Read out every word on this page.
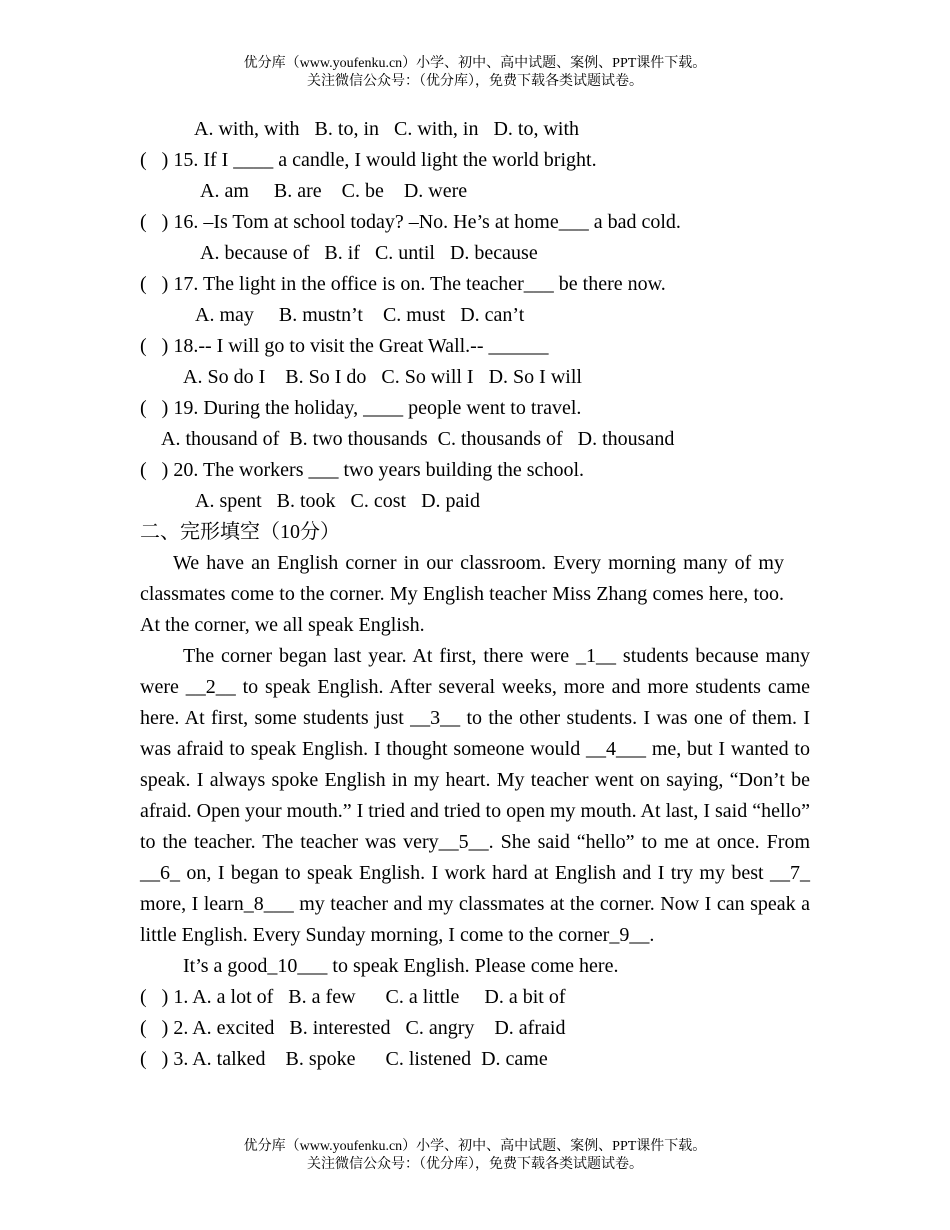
优分库（www.youfenku.cn）小学、初中、高中试题、案例、PPT课件下载。
关注微信公众号：（优分库），免费下载各类试题试卷。
A. with, with   B. to, in   C. with, in   D. to, with
(   ) 15. If I ____ a candle, I would light the world bright.
A. am     B. are    C. be    D. were
(   ) 16. –Is Tom at school today? –No. He’s at home___ a bad cold.
A. because of   B. if   C. until   D. because
(   ) 17. The light in the office is on. The teacher___ be there now.
A. may     B. mustn’t    C. must   D. can’t
(   ) 18.-- I will go to visit the Great Wall.-- ______
A. So do I    B. So I do   C. So will I   D. So I will
(   ) 19. During the holiday, ____ people went to travel.
A. thousand of  B. two thousands  C. thousands of   D. thousand
(   ) 20. The workers ___ two years building the school.
A. spent   B. took   C. cost   D. paid
二、完形填空（10分）

We have an English corner in our classroom. Every morning many of my classmates come to the corner. My English teacher Miss Zhang comes here, too. At the corner, we all speak English.

The corner began last year. At first, there were _1__ students because many were __2__ to speak English. After several weeks, more and more students came here. At first, some students just __3__ to the other students. I was one of them. I was afraid to speak English. I thought someone would __4___ me, but I wanted to speak. I always spoke English in my heart. My teacher went on saying, “Don’t be afraid. Open your mouth.” I tried and tried to open my mouth. At last, I said “hello” to the teacher. The teacher was very__5__. She said “hello” to me at once. From __6_ on, I began to speak English. I work hard at English and I try my best __7_ more, I learn_8___ my teacher and my classmates at the corner. Now I can speak a little English. Every Sunday morning, I come to the corner_9__.

It’s a good_10___ to speak English. Please come here.

(   ) 1. A. a lot of   B. a few      C. a little     D. a bit of
(   ) 2. A. excited   B. interested   C. angry    D. afraid
(   ) 3. A. talked    B. spoke      C. listened  D. came
优分库（www.youfenku.cn）小学、初中、高中试题、案例、PPT课件下载。
关注微信公众号：（优分库），免费下载各类试题试卷。
